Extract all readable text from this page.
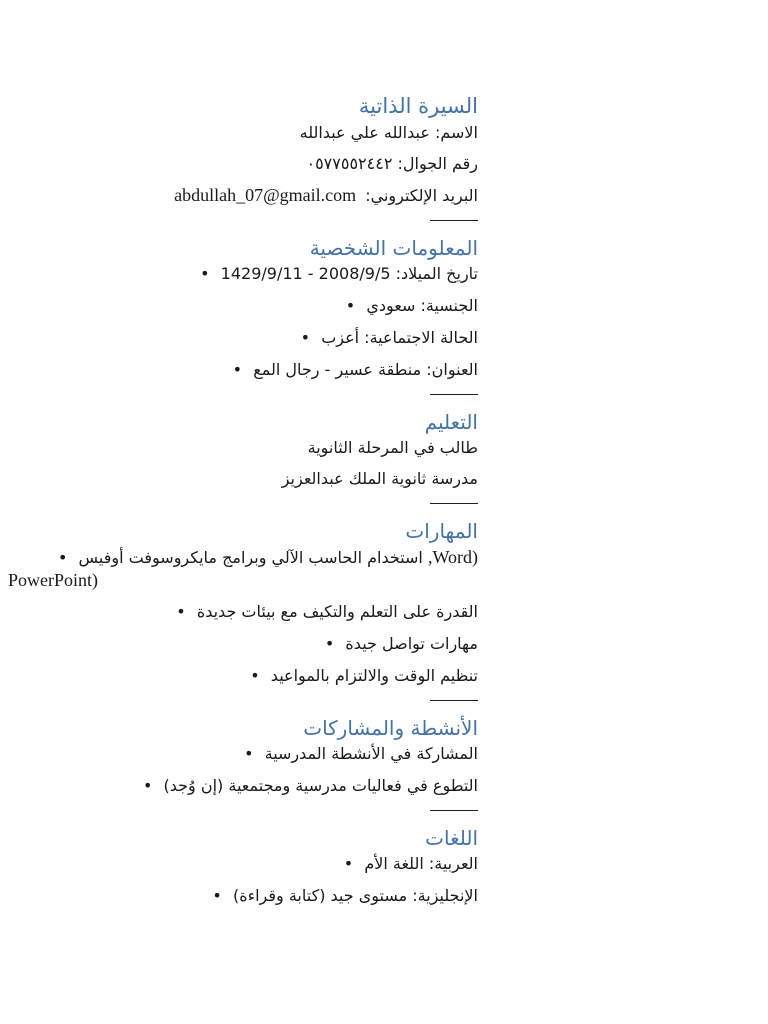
السيرة الذاتية
الاسم: عبدالله علي عبدالله
رقم الجوال: ٠٥٧٧٥٥٢٤٤٢
البريد الإلكتروني: abdullah_07@gmail.com
المعلومات الشخصية
تاريخ الميلاد: 2008/9/5 - 1429/9/11 •
الجنسية: سعودي •
الحالة الاجتماعية: أعزب •
العنوان: منطقة عسير - رجال المع •
التعليم
طالب في المرحلة الثانوية
مدرسة ثانوية الملك عبدالعزيز
المهارات
(Word, استخدام الحاسب الآلي وبرامج مايكروسوفت أوفيس •
PowerPoint)
القدرة على التعلم والتكيف مع بيئات جديدة •
مهارات تواصل جيدة •
تنظيم الوقت والالتزام بالمواعيد •
الأنشطة والمشاركات
المشاركة في الأنشطة المدرسية •
التطوع في فعاليات مدرسية ومجتمعية (إن وُجد) •
اللغات
العربية: اللغة الأم •
الإنجليزية: مستوى جيد (كتابة وقراءة) •
